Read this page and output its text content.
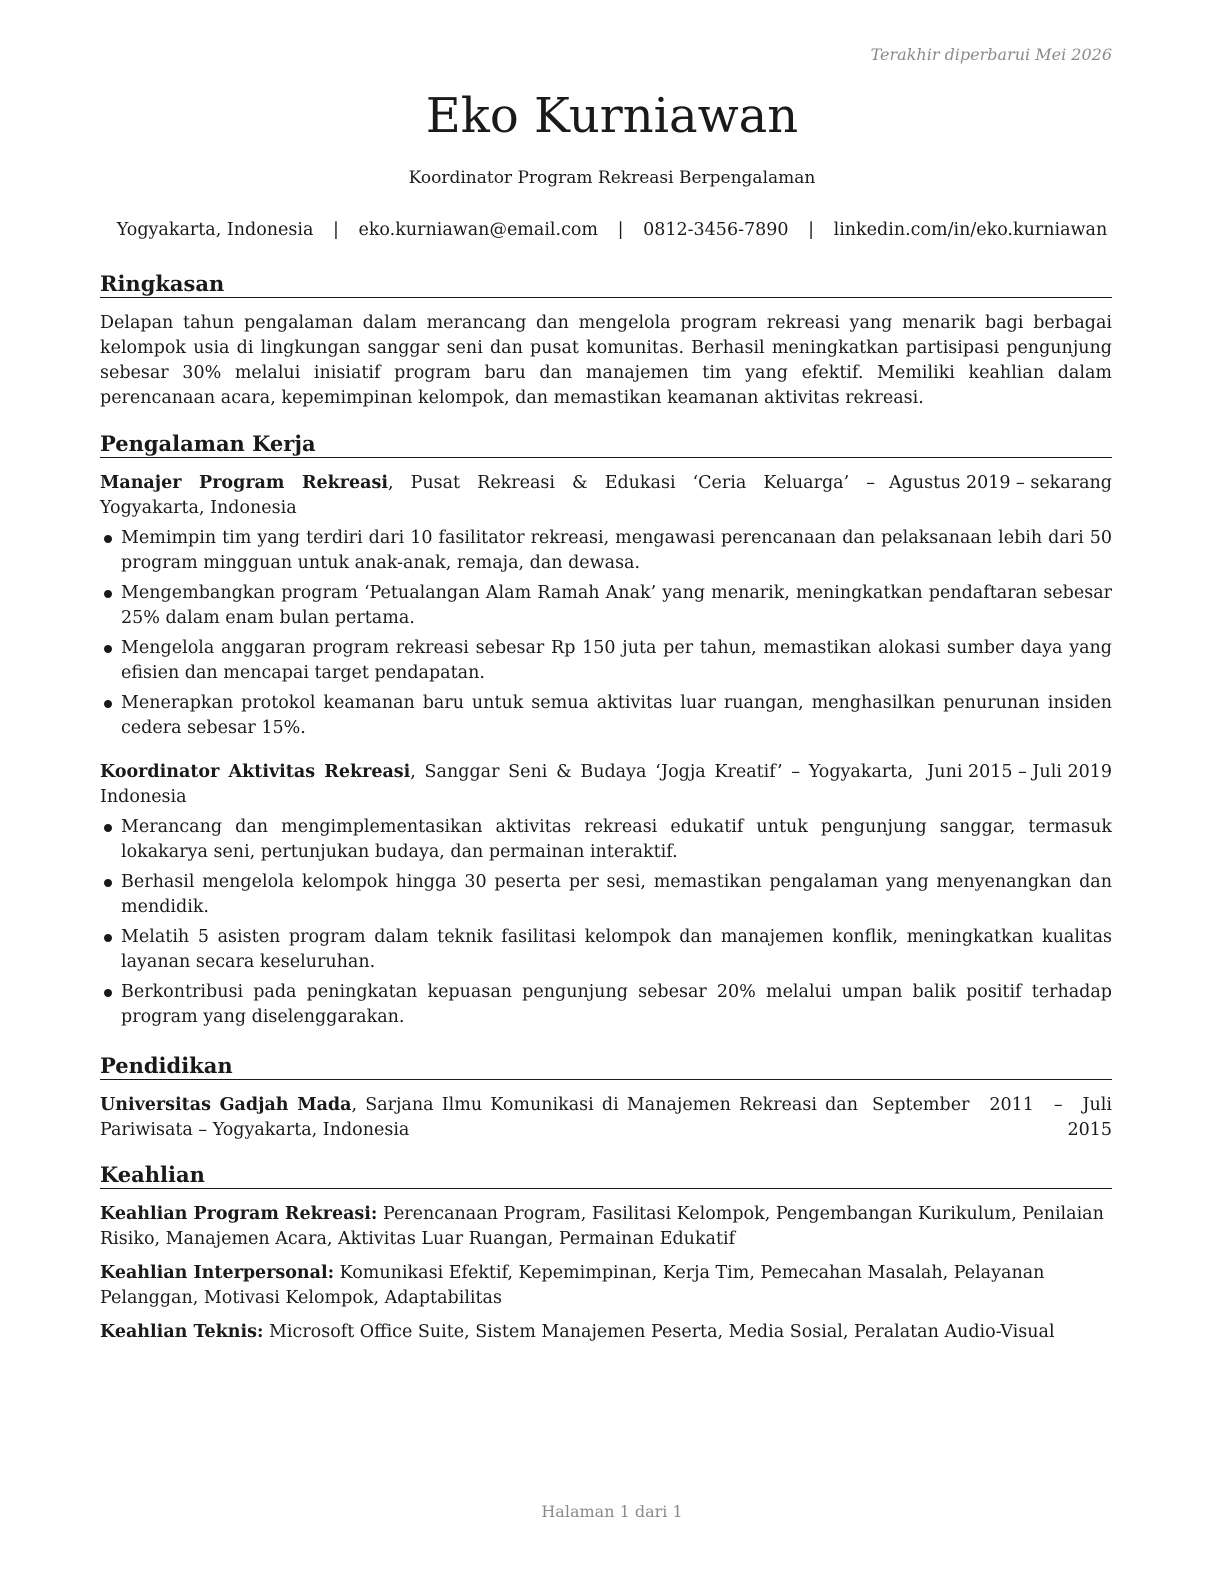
Terakhir diperbarui Mei 2026
Eko Kurniawan
Koordinator Program Rekreasi Berpengalaman
Yogyakarta, Indonesia | eko.kurniawan@email.com | 0812-3456-7890 | linkedin.com/in/eko.kurniawan
Ringkasan

Delapan tahun pengalaman dalam merancang dan mengelola program rekreasi yang menarik bagi berbagai kelompok usia di lingkungan sanggar seni dan pusat komunitas. Berhasil meningkatkan partisipasi pengunjung sebesar 30% melalui inisiatif program baru dan manajemen tim yang efektif. Memiliki keahlian dalam perencanaan acara, kepemimpinan kelompok, dan memastikan keamanan aktivitas rekreasi.

Pengalaman Kerja
Manajer Program Rekreasi, Pusat Rekreasi & Edukasi ‘Ceria Keluarga’ – Yogyakarta, Indonesia
Agustus 2019 – sekarang
Memimpin tim yang terdiri dari 10 fasilitator rekreasi, mengawasi perencanaan dan pelaksanaan lebih dari 50 program mingguan untuk anak-anak, remaja, dan dewasa.
Mengembangkan program ‘Petualangan Alam Ramah Anak’ yang menarik, meningkatkan pendaftaran sebesar 25% dalam enam bulan pertama.
Mengelola anggaran program rekreasi sebesar Rp 150 juta per tahun, memastikan alokasi sumber daya yang efisien dan mencapai target pendapatan.
Menerapkan protokol keamanan baru untuk semua aktivitas luar ruangan, menghasilkan penurunan insiden cedera sebesar 15%.
Koordinator Aktivitas Rekreasi, Sanggar Seni & Budaya ‘Jogja Kreatif’ – Yogyakarta, Indonesia
Juni 2015 – Juli 2019
Merancang dan mengimplementasikan aktivitas rekreasi edukatif untuk pengunjung sanggar, termasuk lokakarya seni, pertunjukan budaya, dan permainan interaktif.
Berhasil mengelola kelompok hingga 30 peserta per sesi, memastikan pengalaman yang menyenangkan dan mendidik.
Melatih 5 asisten program dalam teknik fasilitasi kelompok dan manajemen konflik, meningkatkan kualitas layanan secara keseluruhan.
Berkontribusi pada peningkatan kepuasan pengunjung sebesar 20% melalui umpan balik positif terhadap program yang diselenggarakan.
Pendidikan
Universitas Gadjah Mada, Sarjana Ilmu Komunikasi di Manajemen Rekreasi dan Pariwisata – Yogyakarta, Indonesia
September 2011 – Juli 2015
Keahlian
Keahlian Program Rekreasi: Perencanaan Program, Fasilitasi Kelompok, Pengembangan Kurikulum, Penilaian Risiko, Manajemen Acara, Aktivitas Luar Ruangan, Permainan Edukatif
Keahlian Interpersonal: Komunikasi Efektif, Kepemimpinan, Kerja Tim, Pemecahan Masalah, Pelayanan Pelanggan, Motivasi Kelompok, Adaptabilitas
Keahlian Teknis: Microsoft Office Suite, Sistem Manajemen Peserta, Media Sosial, Peralatan Audio-Visual
Halaman 1 dari 1
